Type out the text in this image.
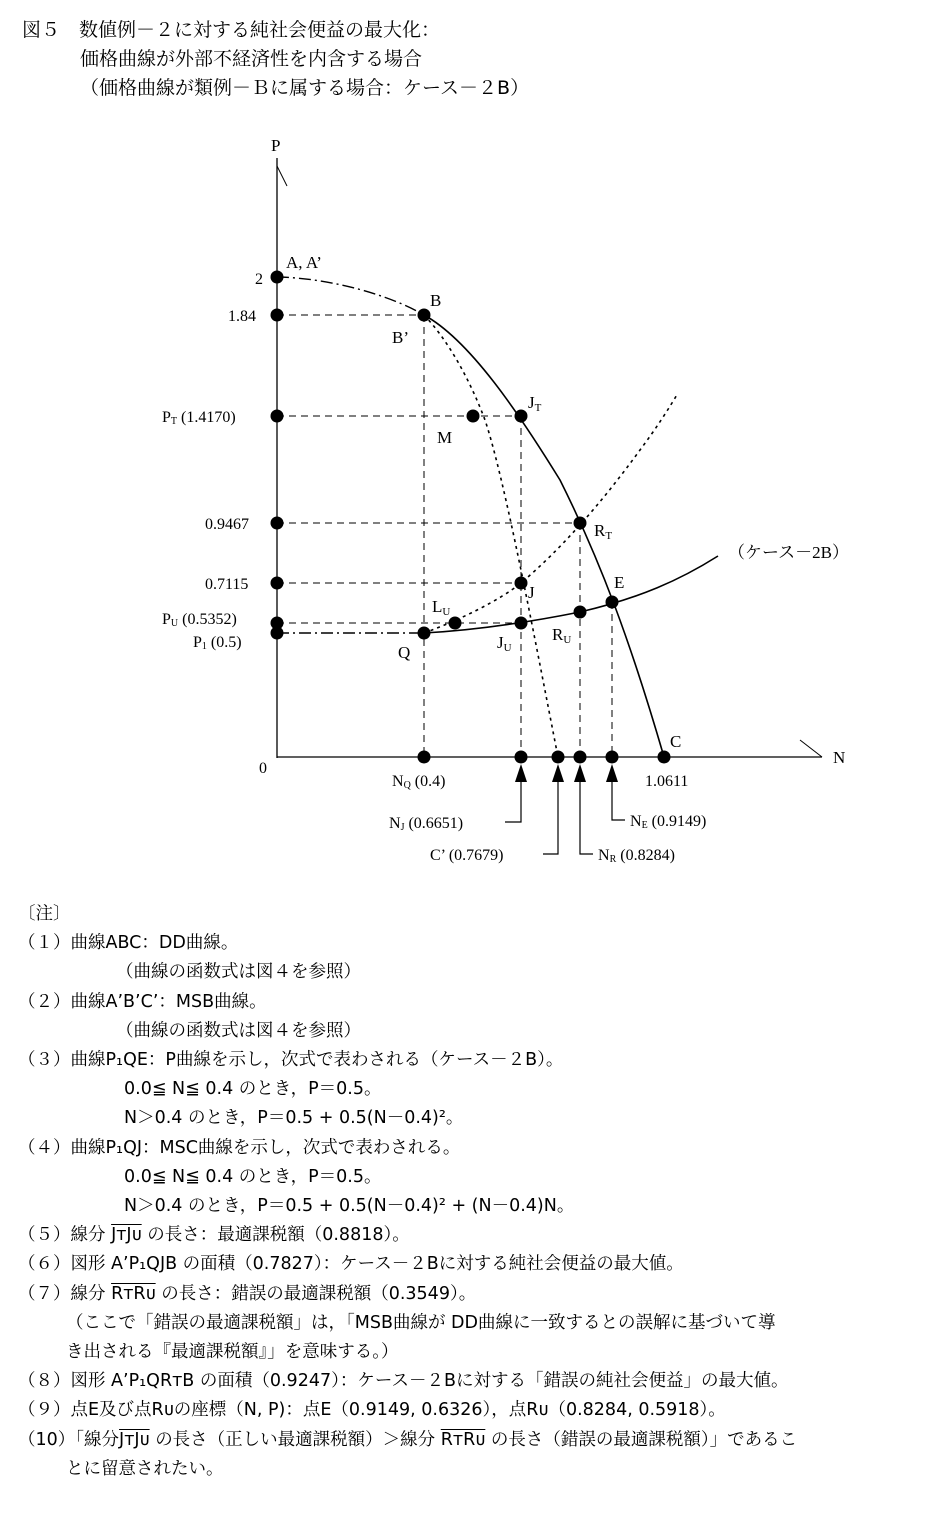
図５　数値例－２に対する純社会便益の最大化：
価格曲線が外部不経済性を内含する場合
（価格曲線が類例－Ｂに属する場合：ケース－２B）
P
N
0
A, A’
B
B’
M
JT
RT
J
E
LU
JU
RU
Q
C
（ケース－2B）
2
1.84
PT (1.4170)
0.9467
0.7115
PU (0.5352)
P1 (0.5)
NQ (0.4)	1.0611
NJ (0.6651)
C’ (0.7679)	NR (0.8284)
NE (0.9149)
〔注〕
（１）曲線ABC：DD曲線。
（曲線の函数式は図４を参照）
（２）曲線A’B’C’：MSB曲線。
（曲線の函数式は図４を参照）
（３）曲線P₁QE：P曲線を示し，次式で表わされる（ケース－２B）。
0.0≦ N≦ 0.4 のとき，P＝0.5。
N＞0.4 のとき，P＝0.5 + 0.5(N－0.4)²。
（４）曲線P₁QJ：MSC曲線を示し，次式で表わされる。
0.0≦ N≦ 0.4 のとき，P＝0.5。
N＞0.4 のとき，P＝0.5 + 0.5(N－0.4)² + (N－0.4)N。
（５）線分 JᴛJᴜ の長さ：最適課税額（0.8818）。
（６）図形 A’P₁QJB の面積（0.7827）：ケース－２Bに対する純社会便益の最大値。
（７）線分 RᴛRᴜ の長さ：錯誤の最適課税額（0.3549）。
（ここで「錯誤の最適課税額」は，「MSB曲線が DD曲線に一致するとの誤解に基づいて導
き出される『最適課税額』」を意味する。）
（８）図形 A’P₁QRᴛB の面積（0.9247）：ケース－２Bに対する「錯誤の純社会便益」の最大値。
（９）点E及び点Rᴜの座標（N, P)：点E（0.9149, 0.6326），点Rᴜ（0.8284, 0.5918）。
（10）「線分JᴛJᴜ の長さ（正しい最適課税額）＞線分 RᴛRᴜ の長さ（錯誤の最適課税額）」であるこ
とに留意されたい。
